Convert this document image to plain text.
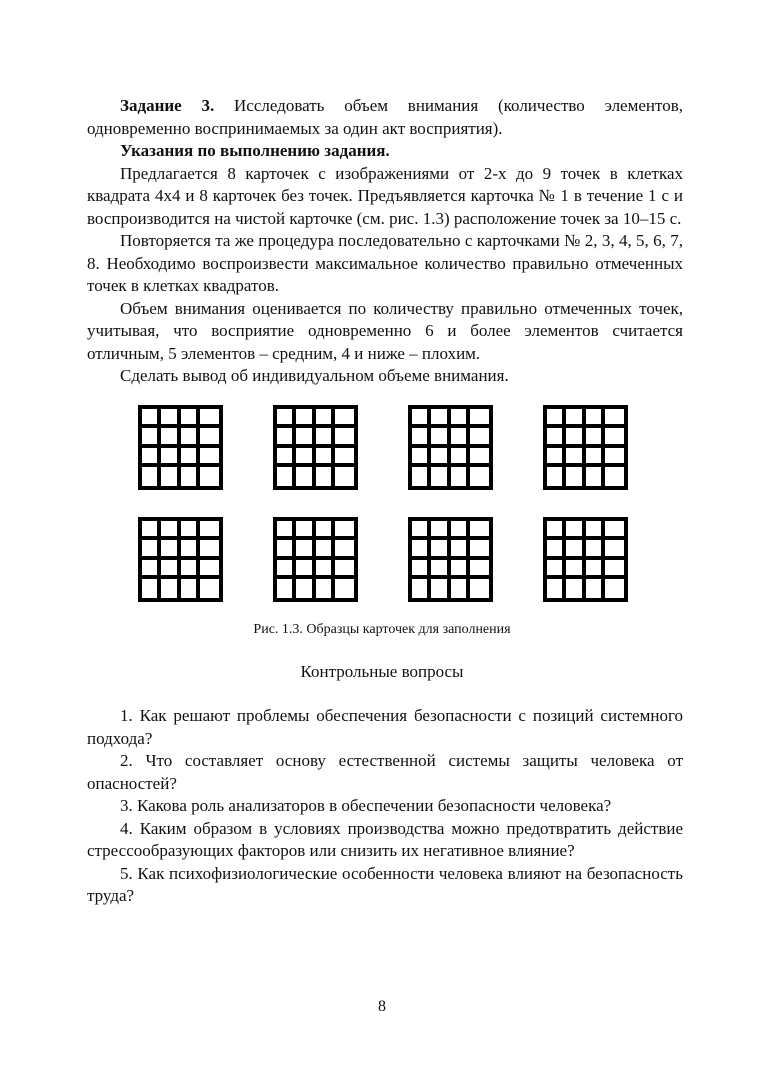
Задание 3. Исследовать объем внимания (количество элементов, одновременно воспринимаемых за один акт восприятия).

Указания по выполнению задания.

Предлагается 8 карточек с изображениями от 2-х до 9 точек в клетках квадрата 4х4 и 8 карточек без точек. Предъявляется карточка № 1 в течение 1 с и воспроизводится на чистой карточке (см. рис. 1.3) расположение точек за 10–15 с.

Повторяется та же процедура последовательно с карточками № 2, 3, 4, 5, 6, 7, 8. Необходимо воспроизвести максимальное количество правильно отмеченных точек в клетках квадратов.

Объем внимания оценивается по количеству правильно отмеченных точек, учитывая, что восприятие одновременно 6 и более элементов считается отличным, 5 элементов – средним, 4 и ниже – плохим.

Сделать вывод об индивидуальном объеме внимания.

Рис. 1.3. Образцы карточек для заполнения
Контрольные вопросы

1. Как решают проблемы обеспечения безопасности с позиций системного подхода?

2. Что составляет основу естественной системы защиты человека от опасностей?

3. Какова роль анализаторов в обеспечении безопасности человека?

4. Каким образом в условиях производства можно предотвратить действие стрессообразующих факторов или снизить их негативное влияние?

5. Как психофизиологические особенности человека влияют на безопасность труда?

8
